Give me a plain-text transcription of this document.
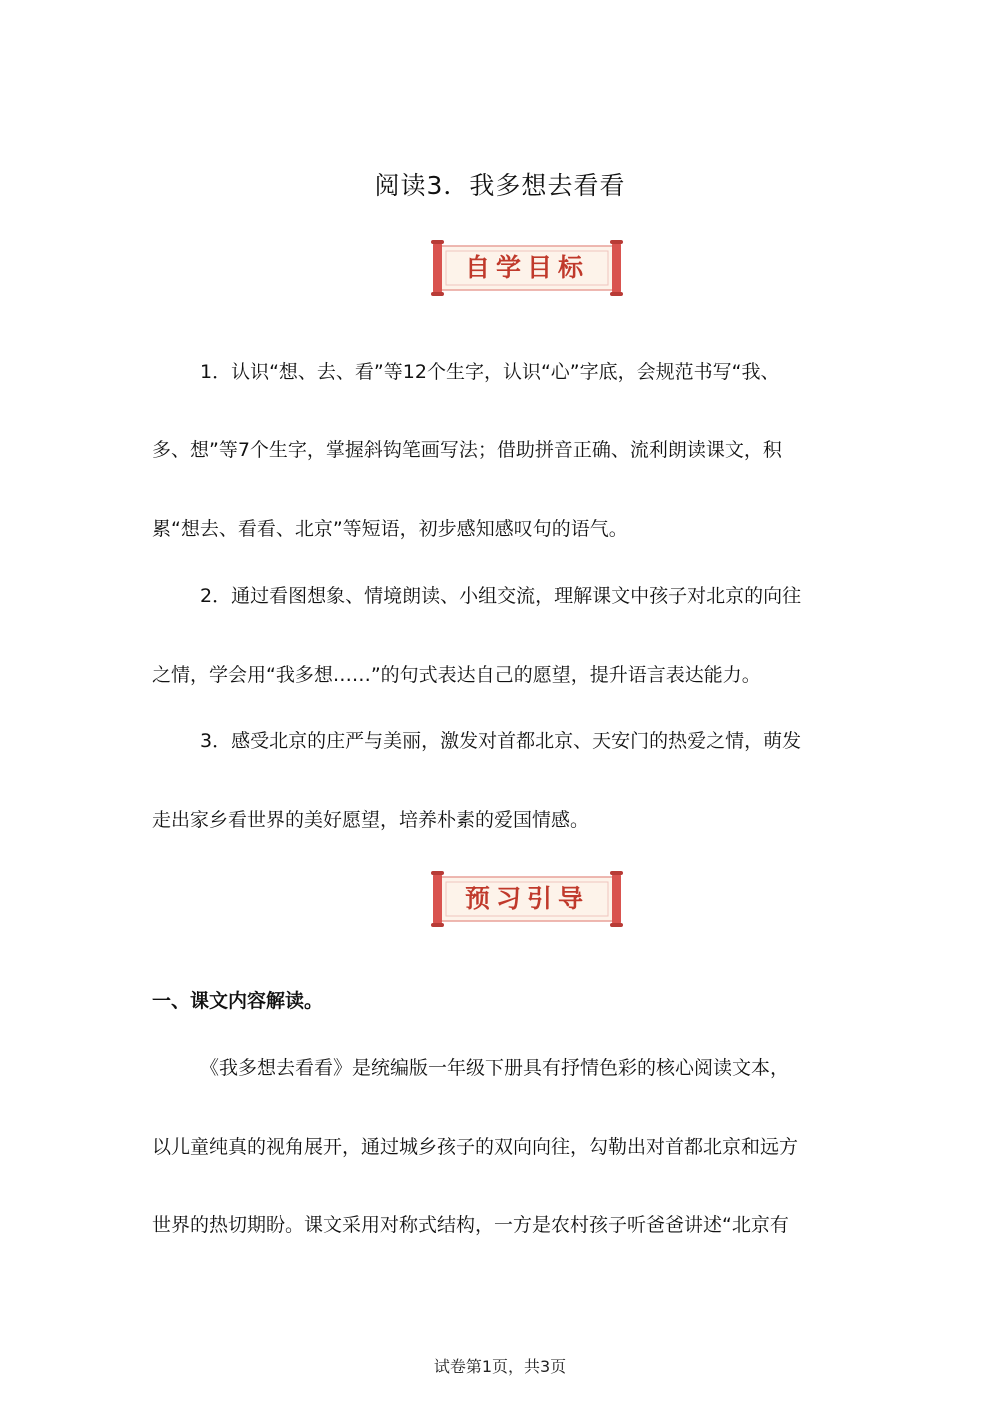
阅读3．我多想去看看
自学目标
1．认识“想、去、看”等12个生字，认识“心”字底，会规范书写“我、
多、想”等7个生字，掌握斜钩笔画写法；借助拼音正确、流利朗读课文，积
累“想去、看看、北京”等短语，初步感知感叹句的语气。
2．通过看图想象、情境朗读、小组交流，理解课文中孩子对北京的向往
之情，学会用“我多想……”的句式表达自己的愿望，提升语言表达能力。
3．感受北京的庄严与美丽，激发对首都北京、天安门的热爱之情，萌发
走出家乡看世界的美好愿望，培养朴素的爱国情感。
预习引导
一、课文内容解读。
《我多想去看看》是统编版一年级下册具有抒情色彩的核心阅读文本，
以儿童纯真的视角展开，通过城乡孩子的双向向往，勾勒出对首都北京和远方
世界的热切期盼。课文采用对称式结构，一方是农村孩子听爸爸讲述“北京有
试卷第1页，共3页
